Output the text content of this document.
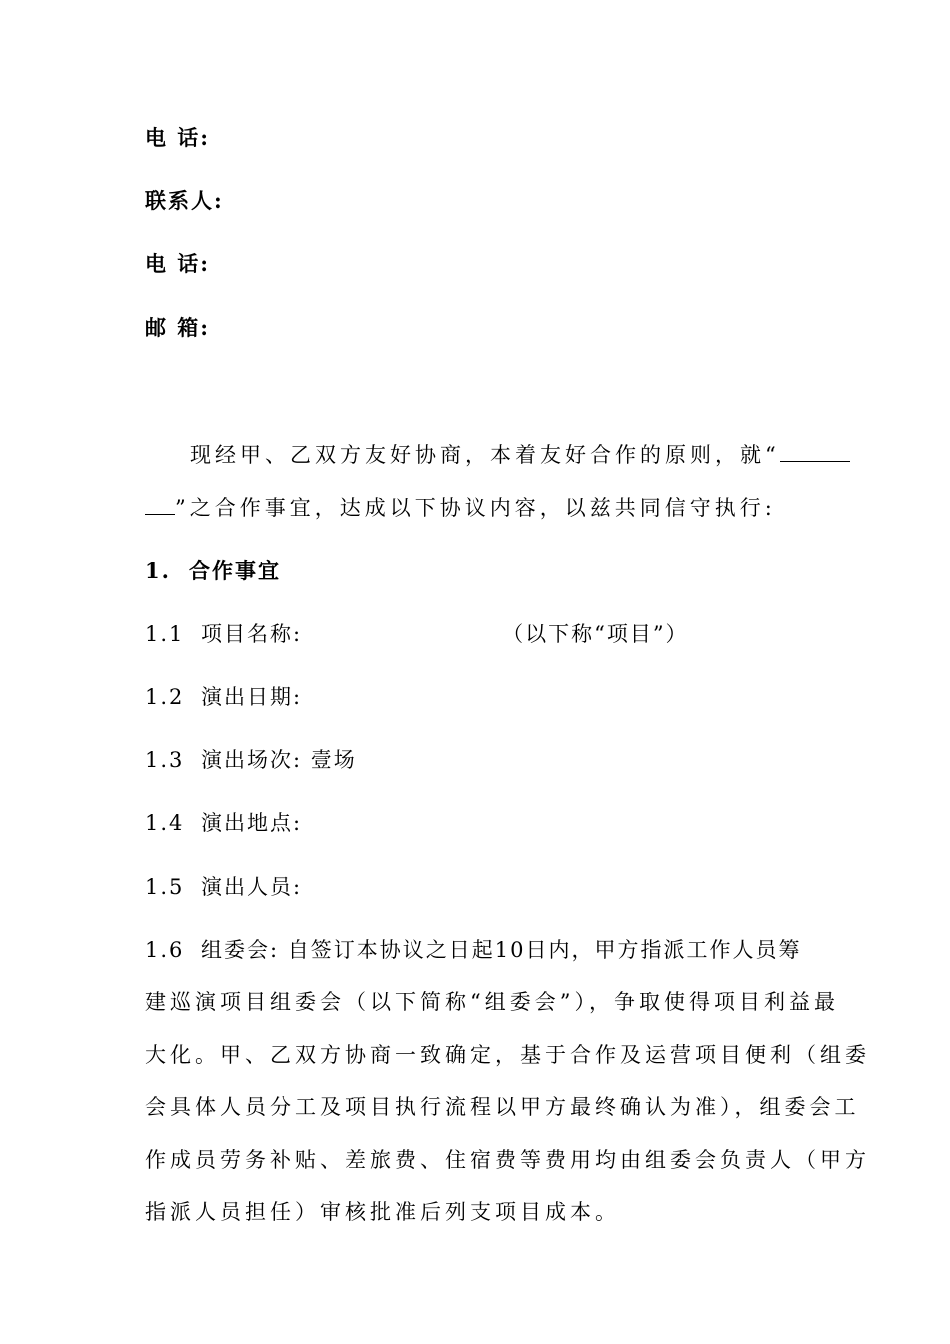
电 话:
联系人:
电 话:
邮 箱:
现经甲、乙双方友好协商，本着友好合作的原则，就“
”之合作事宜，达成以下协议内容，以兹共同信守执行:
1. 合作事宜
1.1 项目名称:	（以下称“项目”）
1.2 演出日期:
1.3 演出场次: 壹场
1.4 演出地点:
1.5 演出人员:
1.6 组委会: 自签订本协议之日起10日内，甲方指派工作人员筹
建巡演项目组委会（以下简称“组委会”），争取使得项目利益最
大化。甲、乙双方协商一致确定，基于合作及运营项目便利（组委
会具体人员分工及项目执行流程以甲方最终确认为准），组委会工
作成员劳务补贴、差旅费、住宿费等费用均由组委会负责人（甲方
指派人员担任）审核批准后列支项目成本。
